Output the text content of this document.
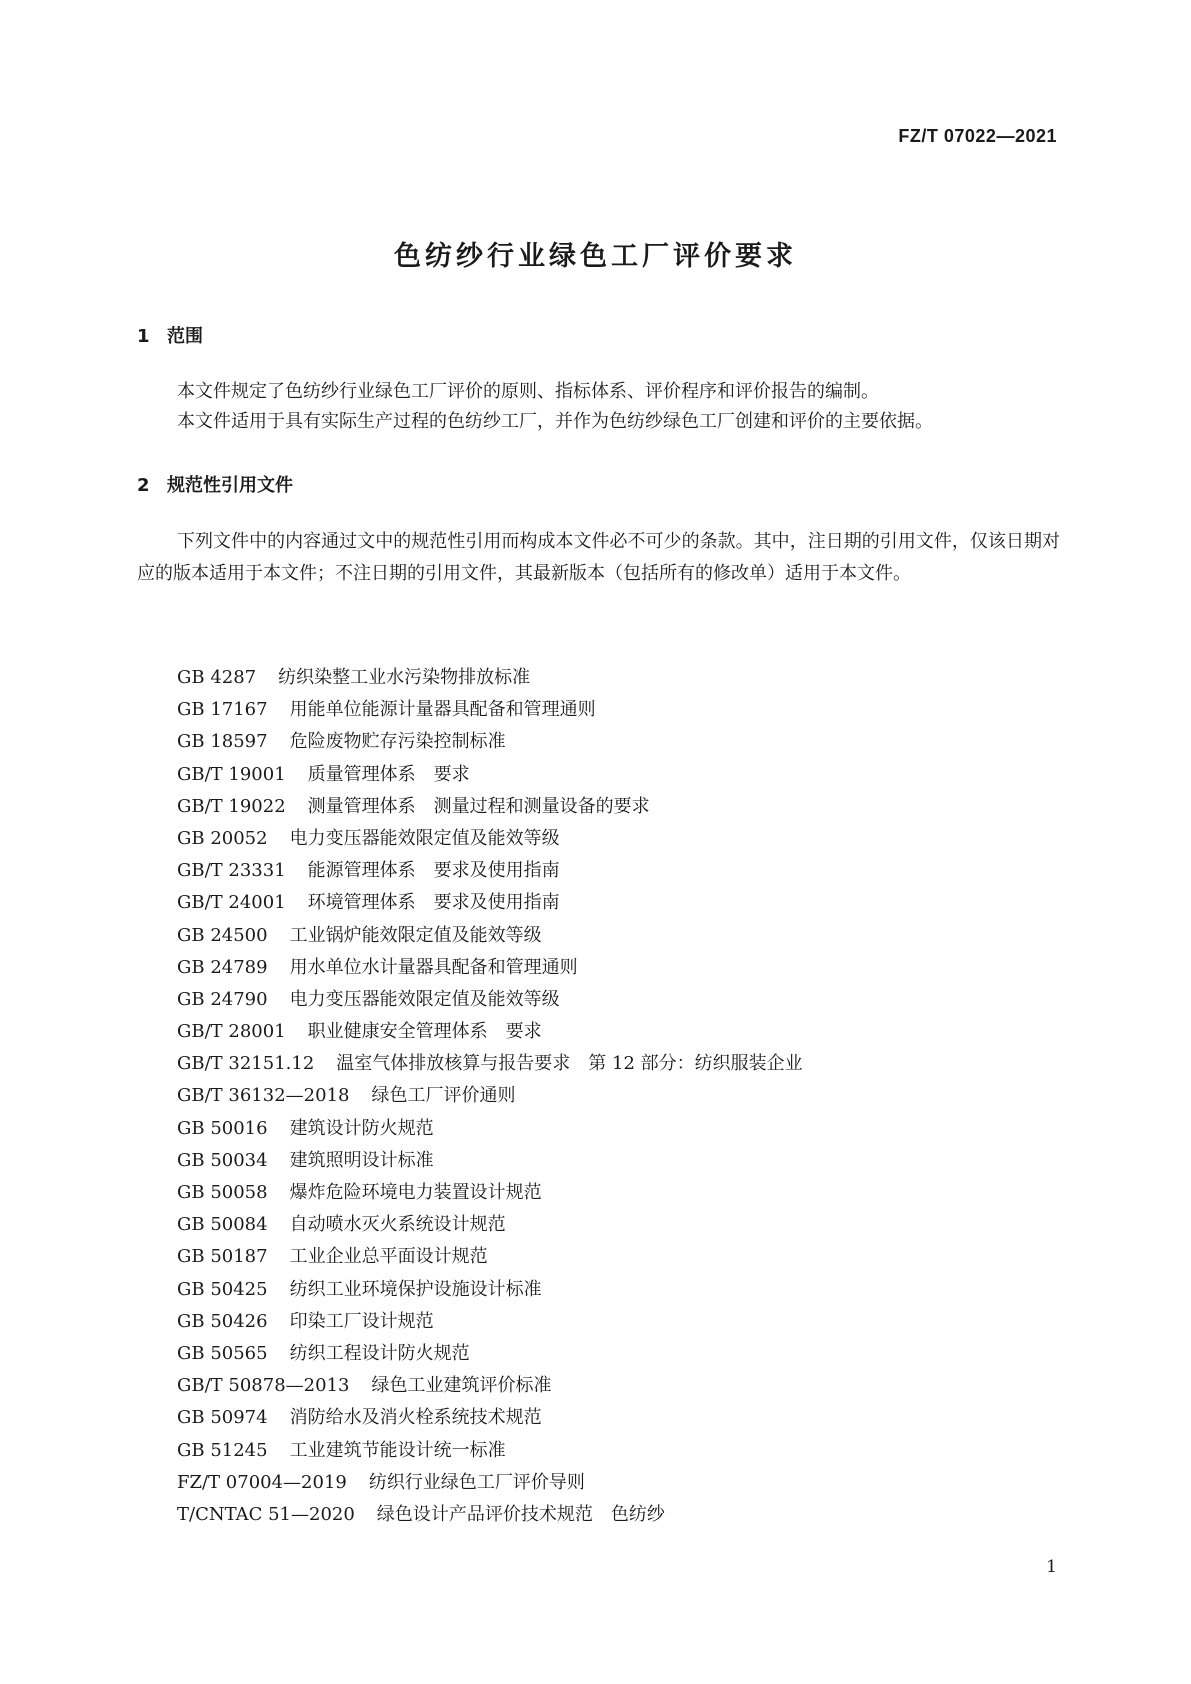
FZ/T 07022—2021
色纺纱行业绿色工厂评价要求
1 范围

本文件规定了色纺纱行业绿色工厂评价的原则、指标体系、评价程序和评价报告的编制。

本文件适用于具有实际生产过程的色纺纱工厂，并作为色纺纱绿色工厂创建和评价的主要依据。

2 规范性引用文件

下列文件中的内容通过文中的规范性引用而构成本文件必不可少的条款。其中，注日期的引用文件，仅该日期对应的版本适用于本文件；不注日期的引用文件，其最新版本（包括所有的修改单）适用于本文件。

GB 4287 纺织染整工业水污染物排放标准
GB 17167 用能单位能源计量器具配备和管理通则
GB 18597 危险废物贮存污染控制标准
GB/T 19001 质量管理体系　要求
GB/T 19022 测量管理体系　测量过程和测量设备的要求
GB 20052 电力变压器能效限定值及能效等级
GB/T 23331 能源管理体系　要求及使用指南
GB/T 24001 环境管理体系　要求及使用指南
GB 24500 工业锅炉能效限定值及能效等级
GB 24789 用水单位水计量器具配备和管理通则
GB 24790 电力变压器能效限定值及能效等级
GB/T 28001 职业健康安全管理体系　要求
GB/T 32151.12 温室气体排放核算与报告要求　第 12 部分：纺织服装企业
GB/T 36132—2018 绿色工厂评价通则
GB 50016 建筑设计防火规范
GB 50034 建筑照明设计标准
GB 50058 爆炸危险环境电力装置设计规范
GB 50084 自动喷水灭火系统设计规范
GB 50187 工业企业总平面设计规范
GB 50425 纺织工业环境保护设施设计标准
GB 50426 印染工厂设计规范
GB 50565 纺织工程设计防火规范
GB/T 50878—2013 绿色工业建筑评价标准
GB 50974 消防给水及消火栓系统技术规范
GB 51245 工业建筑节能设计统一标准
FZ/T 07004—2019 纺织行业绿色工厂评价导则
T/CNTAC 51—2020 绿色设计产品评价技术规范　色纺纱
1
